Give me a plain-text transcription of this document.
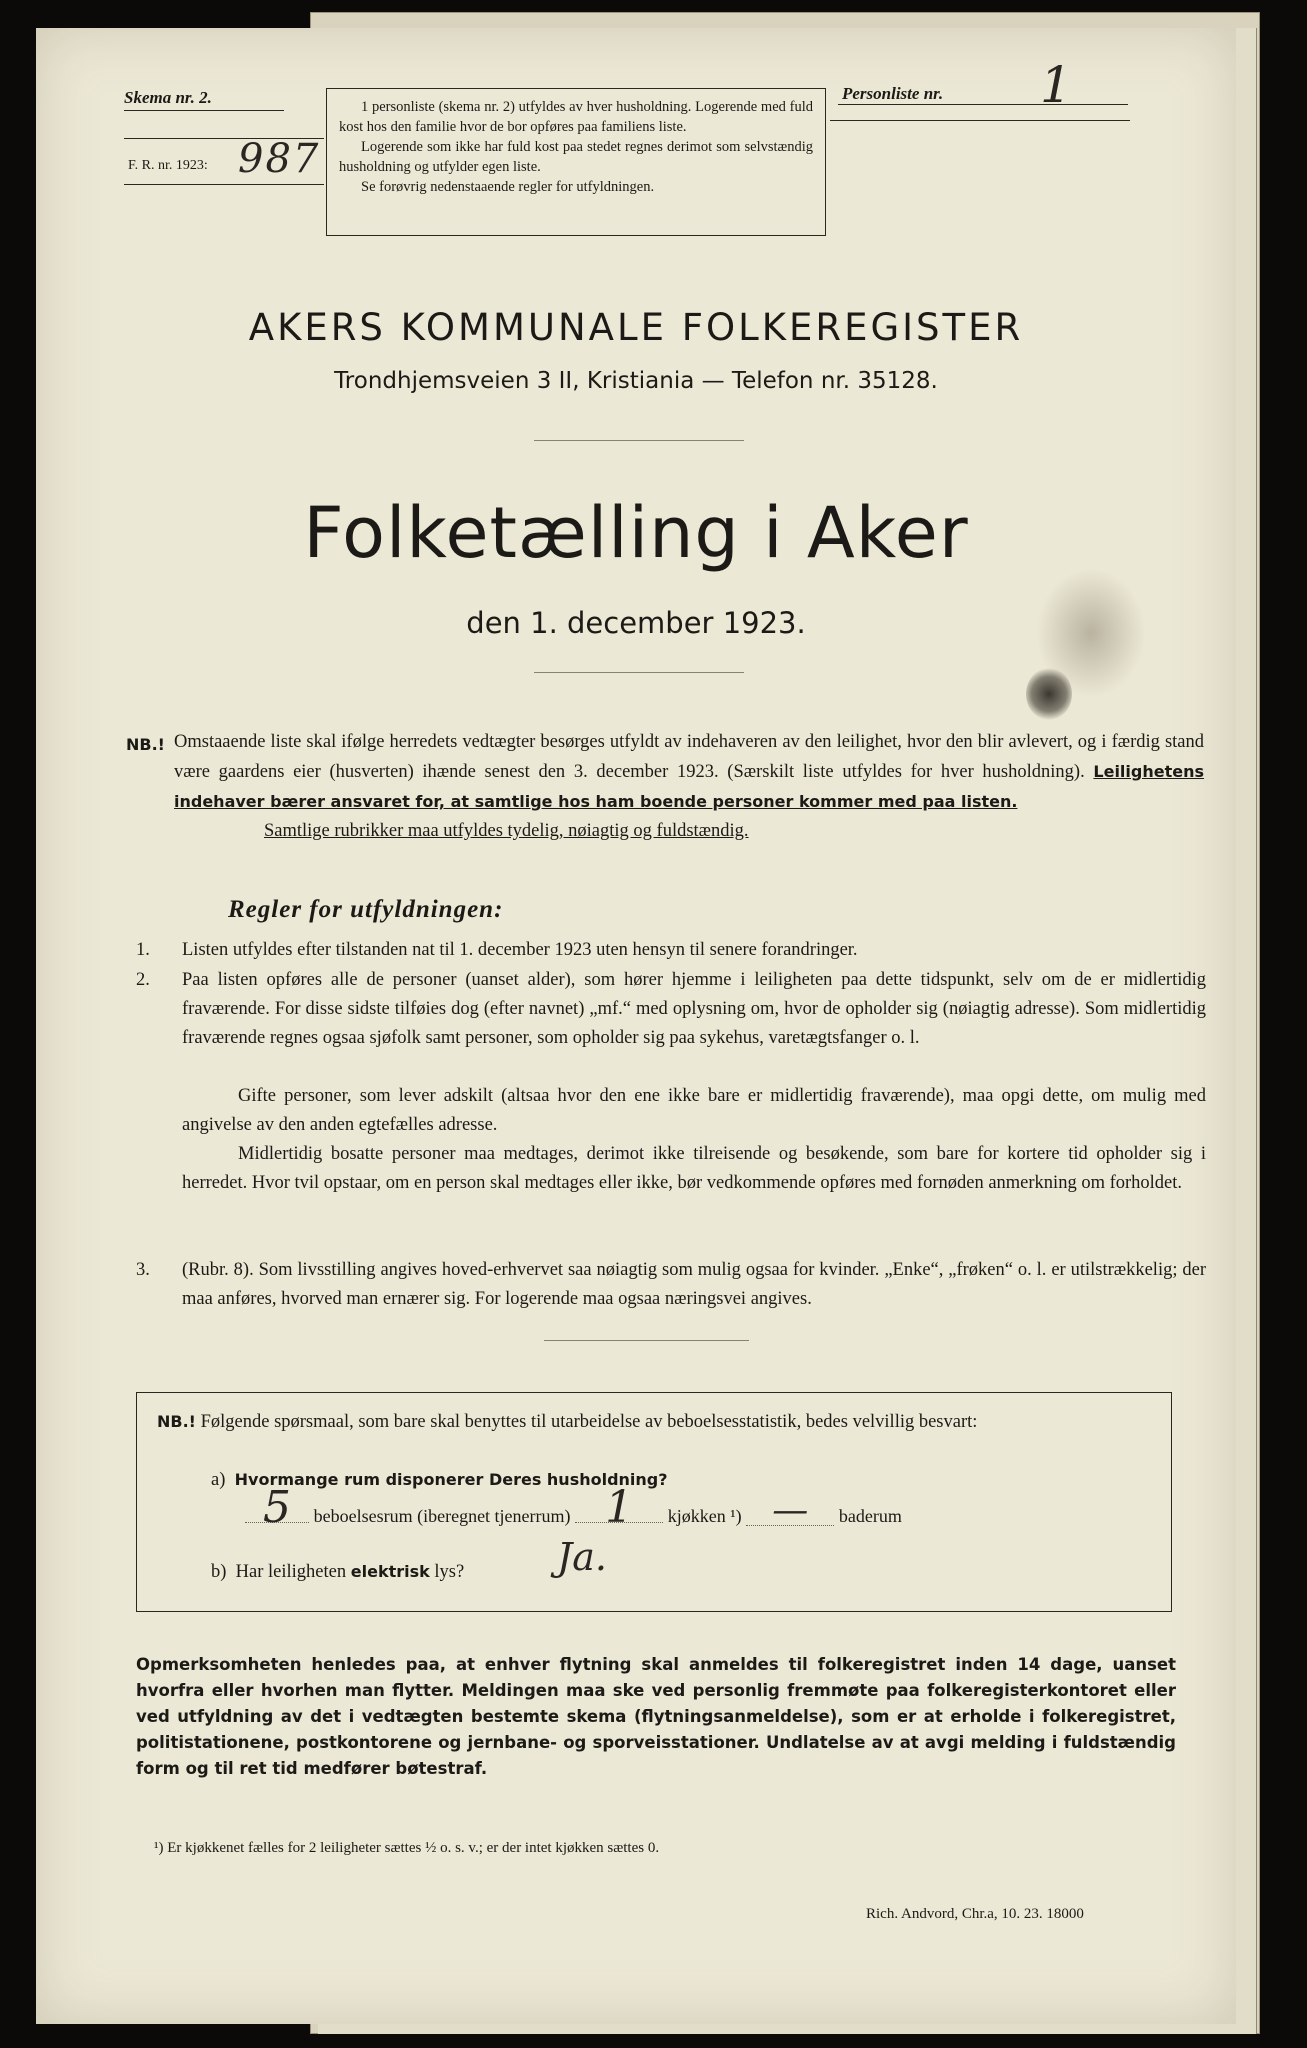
Skema nr. 2.
F. R. nr. 1923: 987
Personliste nr. 1

1 personliste (skema nr. 2) utfyldes av hver husholdning. Logerende med fuld kost hos den familie hvor de bor opføres paa familiens liste.

Logerende som ikke har fuld kost paa stedet regnes derimot som selvstændig husholdning og utfylder egen liste.

Se forøvrig nedenstaaende regler for utfyldningen.

AKERS KOMMUNALE FOLKEREGISTER
Trondhjemsveien 3 II, Kristiania — Telefon nr. 35128.
Folketælling i Aker
den 1. december 1923.
NB.! Omstaaende liste skal ifølge herredets vedtægter besørges utfyldt av indehaveren av den leilighet, hvor den blir avlevert, og i færdig stand være gaardens eier (husverten) ihænde senest den 3. december 1923. (Særskilt liste utfyldes for hver husholdning). Leilighetens indehaver bærer ansvaret for, at samtlige hos ham boende personer kommer med paa listen.
Samtlige rubrikker maa utfyldes tydelig, nøiagtig og fuldstændig.
Regler for utfyldningen:
1. Listen utfyldes efter tilstanden nat til 1. december 1923 uten hensyn til senere forandringer.
2. Paa listen opføres alle de personer (uanset alder), som hører hjemme i leiligheten paa dette tidspunkt, selv om de er midlertidig fraværende. For disse sidste tilføies dog (efter navnet) „mf.“ med oplysning om, hvor de opholder sig (nøiagtig adresse). Som midlertidig fraværende regnes ogsaa sjøfolk samt personer, som opholder sig paa sykehus, varetægtsfanger o. l.
Gifte personer, som lever adskilt (altsaa hvor den ene ikke bare er midlertidig fraværende), maa opgi dette, om mulig med angivelse av den anden egtefælles adresse.
Midlertidig bosatte personer maa medtages, derimot ikke tilreisende og besøkende, som bare for kortere tid opholder sig i herredet. Hvor tvil opstaar, om en person skal medtages eller ikke, bør vedkommende opføres med fornøden anmerkning om forholdet.
3. (Rubr. 8). Som livsstilling angives hoved-erhvervet saa nøiagtig som mulig ogsaa for kvinder. „Enke“, „frøken“ o. l. er utilstrækkelig; der maa anføres, hvorved man ernærer sig. For logerende maa ogsaa næringsvei angives.
NB.! Følgende spørsmaal, som bare skal benyttes til utarbeidelse av beboelsesstatistik, bedes velvillig besvart:
a) Hvormange rum disponerer Deres husholdning?
5 beboelsesrum (iberegnet tjenerrum) 1 kjøkken ¹) — baderum
b) Har leiligheten elektrisk lys? Ja.
Opmerksomheten henledes paa, at enhver flytning skal anmeldes til folkeregistret inden 14 dage, uanset hvorfra eller hvorhen man flytter. Meldingen maa ske ved personlig fremmøte paa folkeregisterkontoret eller ved utfyldning av det i vedtægten bestemte skema (flytningsanmeldelse), som er at erholde i folkeregistret, politistationene, postkontorene og jernbane- og sporveisstationer. Undlatelse av at avgi melding i fuldstændig form og til ret tid medfører bøtestraf.
¹) Er kjøkkenet fælles for 2 leiligheter sættes ½ o. s. v.; er der intet kjøkken sættes 0.
Rich. Andvord, Chr.a, 10. 23. 18000
